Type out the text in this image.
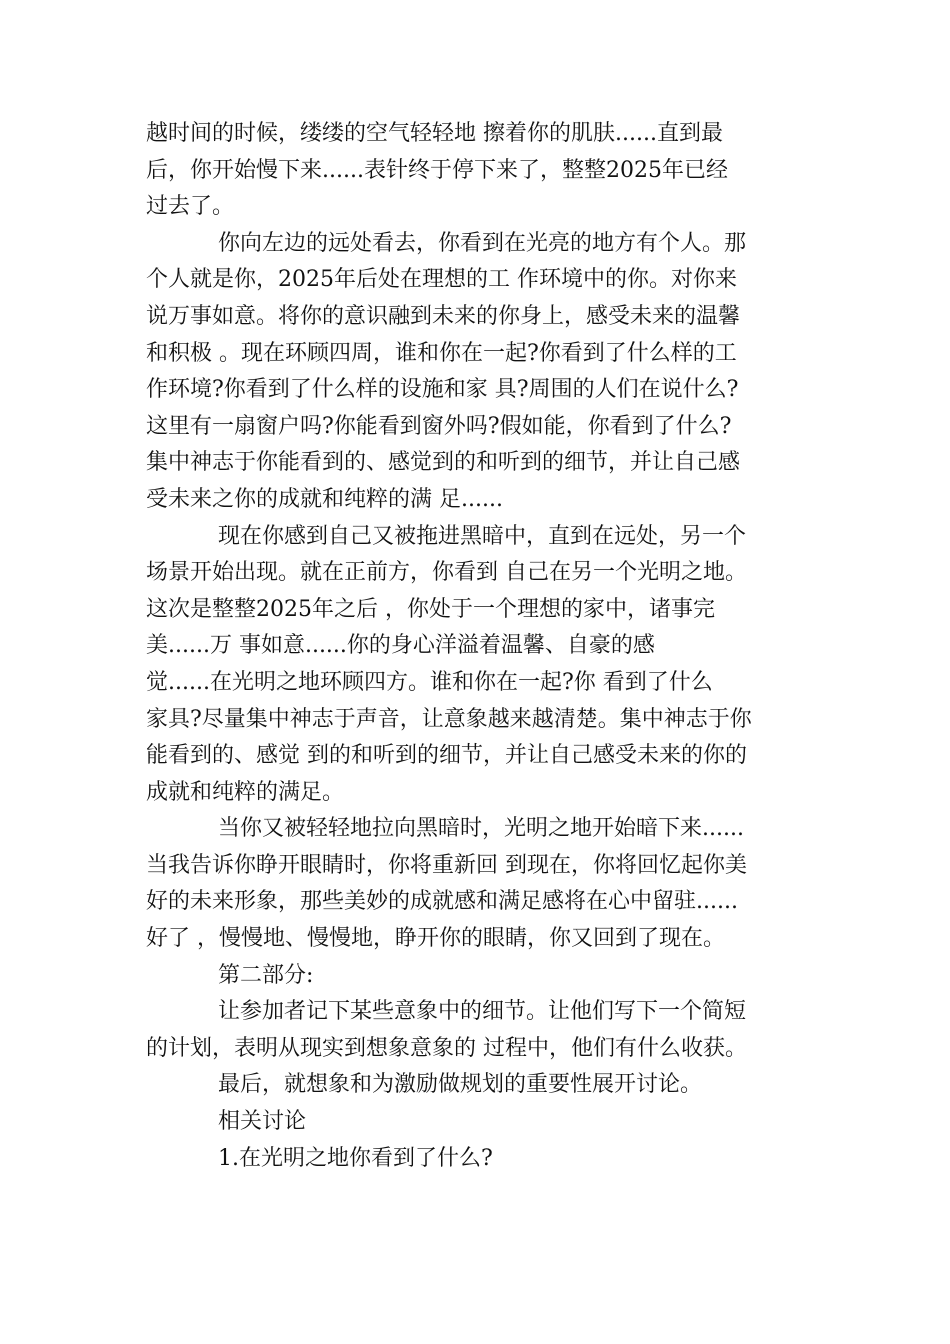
越时间的时候，缕缕的空气轻轻地 擦着你的肌肤......直到最
后，你开始慢下来......表针终于停下来了，整整2025年已经
过去了。
你向左边的远处看去，你看到在光亮的地方有个人。那
个人就是你，2025年后处在理想的工 作环境中的你。对你来
说万事如意。将你的意识融到未来的你身上，感受未来的温馨
和积极 。现在环顾四周，谁和你在一起?你看到了什么样的工
作环境?你看到了什么样的设施和家 具?周围的人们在说什么?
这里有一扇窗户吗?你能看到窗外吗?假如能，你看到了什么?
集中神志于你能看到的、感觉到的和听到的细节，并让自己感
受未来之你的成就和纯粹的满 足......
现在你感到自己又被拖进黑暗中，直到在远处，另一个
场景开始出现。就在正前方，你看到 自己在另一个光明之地。
这次是整整2025年之后 ，你处于一个理想的家中，诸事完
美......万 事如意......你的身心洋溢着温馨、自豪的感
觉......在光明之地环顾四方。谁和你在一起?你 看到了什么
家具?尽量集中神志于声音，让意象越来越清楚。集中神志于你
能看到的、感觉 到的和听到的细节，并让自己感受未来的你的
成就和纯粹的满足。
当你又被轻轻地拉向黑暗时，光明之地开始暗下来......
当我告诉你睁开眼睛时，你将重新回 到现在，你将回忆起你美
好的未来形象，那些美妙的成就感和满足感将在心中留驻......
好了 ，慢慢地、慢慢地，睁开你的眼睛，你又回到了现在。
第二部分:
让参加者记下某些意象中的细节。让他们写下一个简短
的计划，表明从现实到想象意象的 过程中，他们有什么收获。
最后，就想象和为激励做规划的重要性展开讨论。
相关讨论
1.在光明之地你看到了什么?
